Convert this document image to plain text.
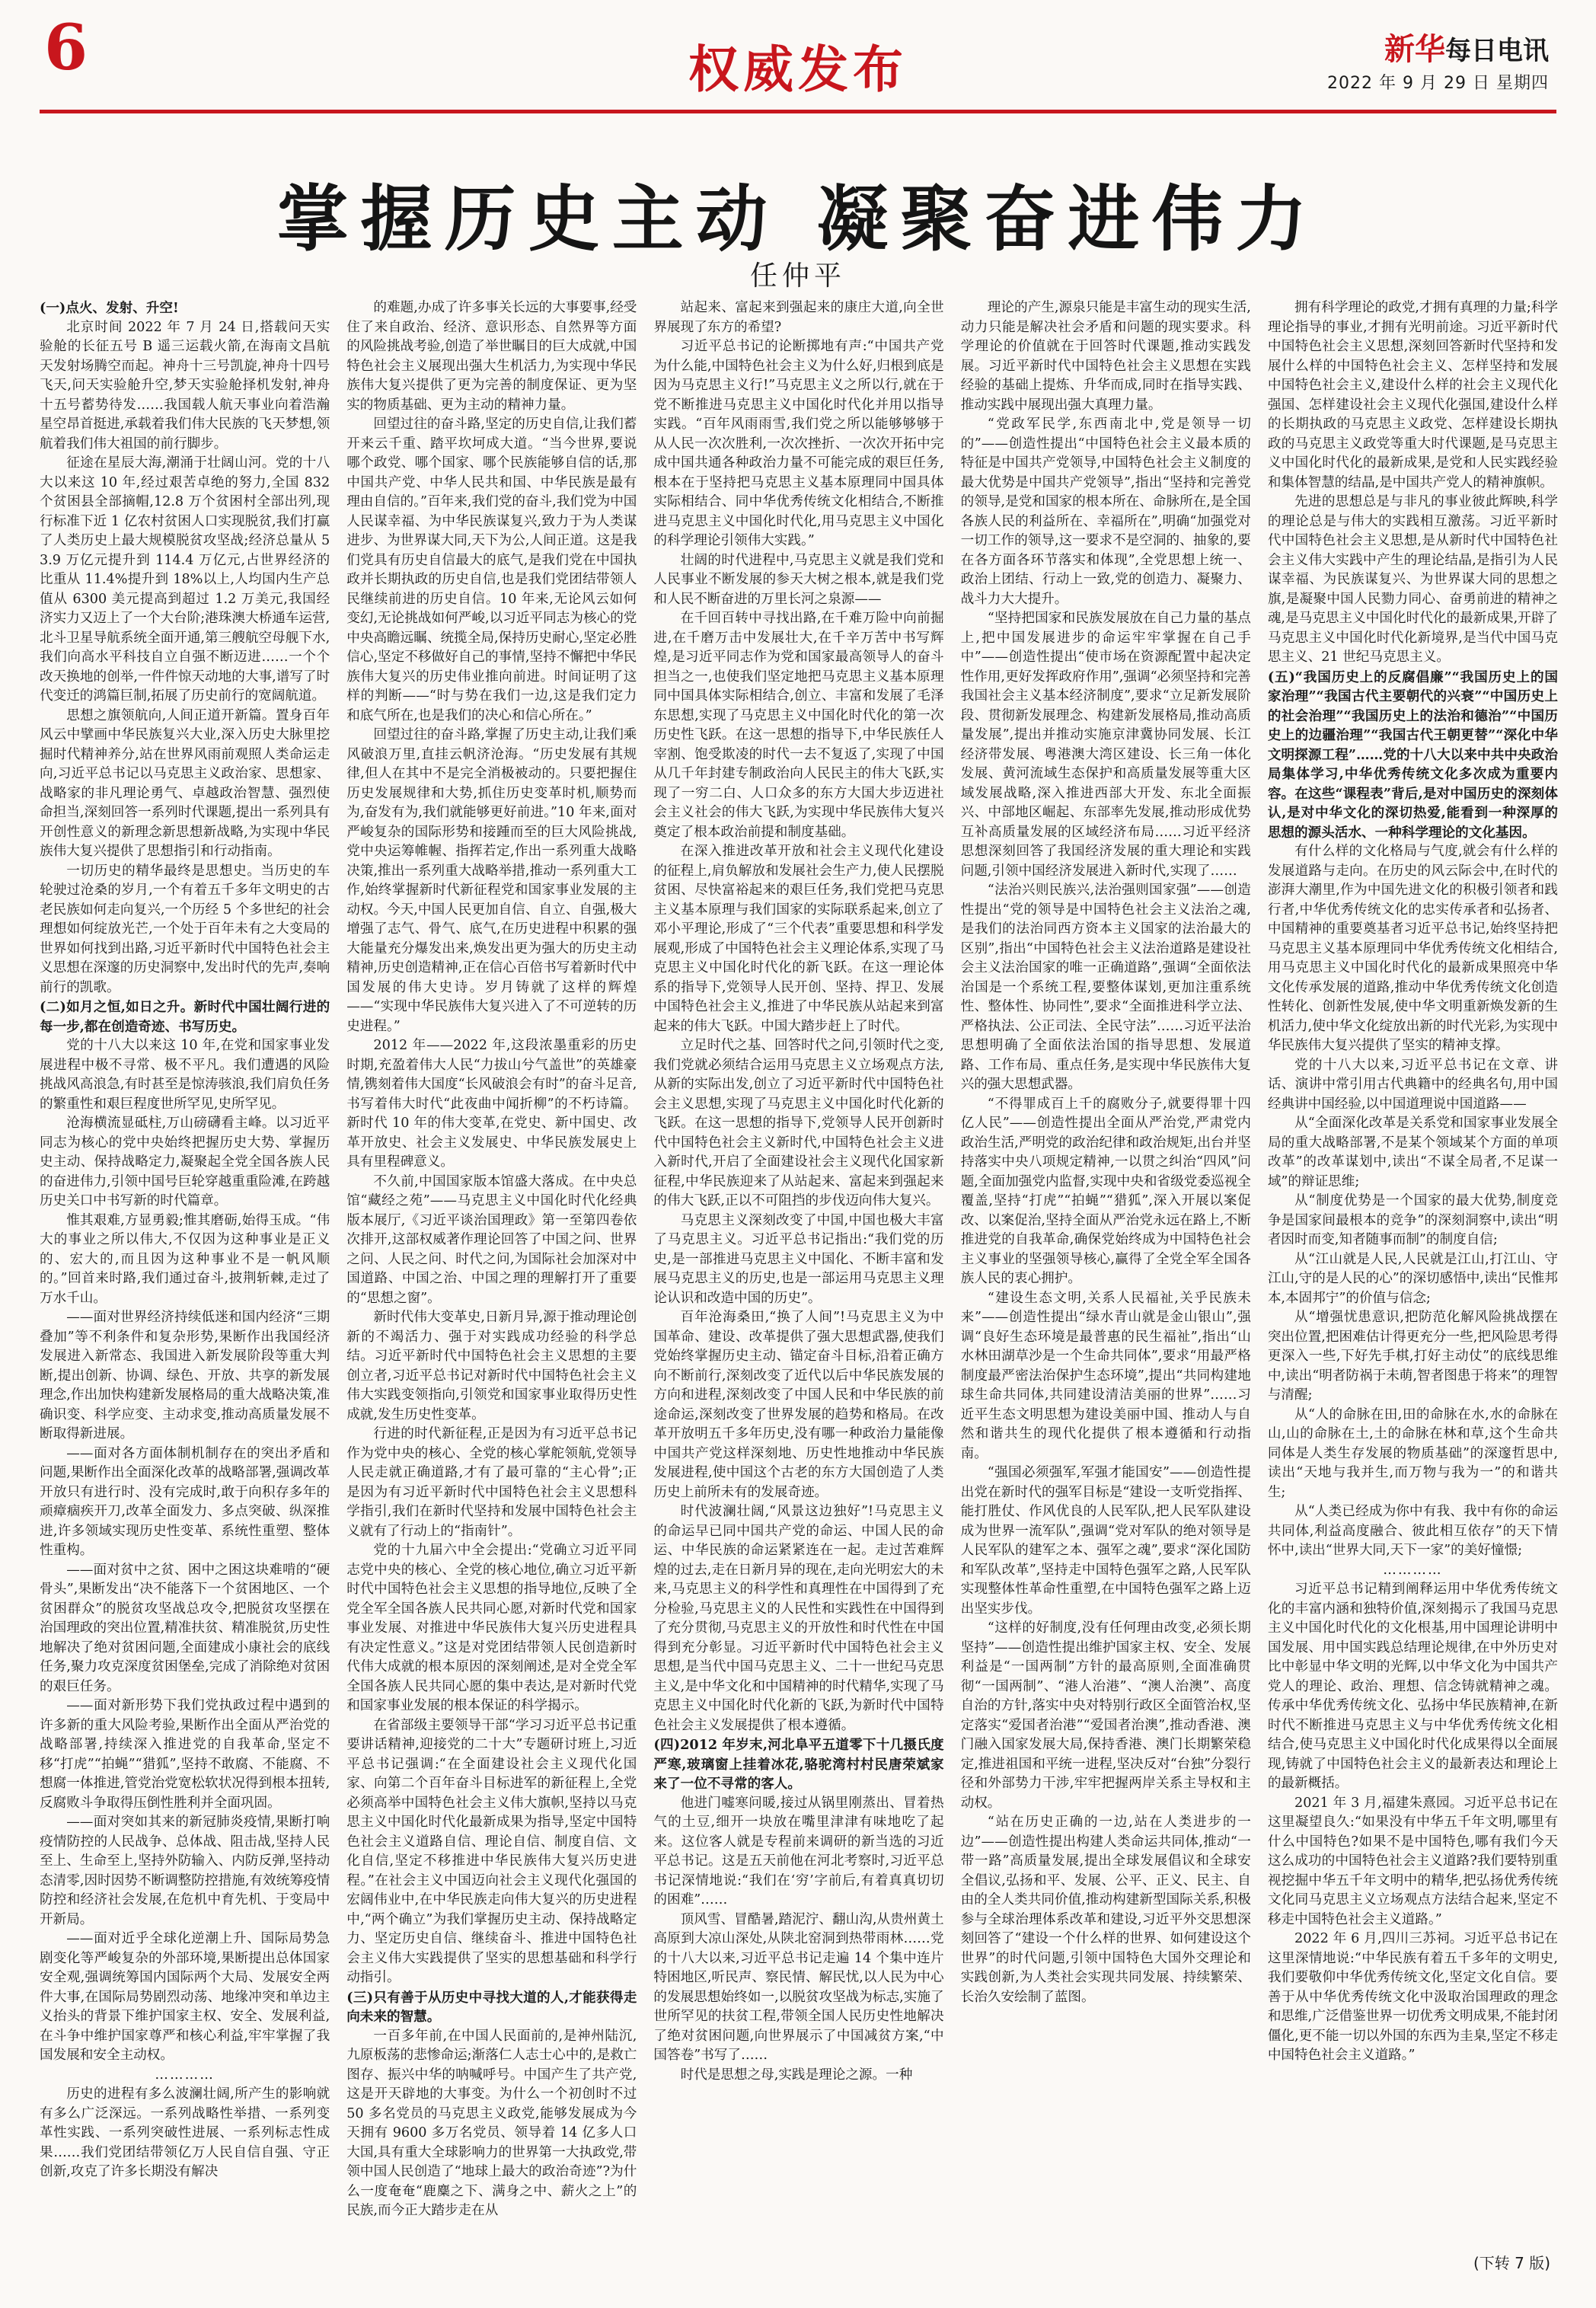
6	权威发布	新华每日电讯
2022 年 9 月 29 日 星期四
掌握历史主动 凝聚奋进伟力
任仲平

(一)点火、发射、升空!

北京时间 2022 年 7 月 24 日,搭载问天实验舱的长征五号 B 遥三运载火箭,在海南文昌航天发射场腾空而起。神舟十三号凯旋,神舟十四号飞天,问天实验舱升空,梦天实验舱择机发射,神舟十五号蓄势待发……我国载人航天事业向着浩瀚星空昂首挺进,承载着我们伟大民族的飞天梦想,领航着我们伟大祖国的前行脚步。

征途在星辰大海,潮涌于壮阔山河。党的十八大以来这 10 年,经过艰苦卓绝的努力,全国 832 个贫困县全部摘帽,12.8 万个贫困村全部出列,现行标准下近 1 亿农村贫困人口实现脱贫,我们打赢了人类历史上最大规模脱贫攻坚战;经济总量从 53.9 万亿元提升到 114.4 万亿元,占世界经济的比重从 11.4%提升到 18%以上,人均国内生产总值从 6300 美元提高到超过 1.2 万美元,我国经济实力又迈上了一个大台阶;港珠澳大桥通车运营,北斗卫星导航系统全面开通,第三艘航空母舰下水,我们向高水平科技自立自强不断迈进……一个个改天换地的创举,一件件惊天动地的大事,谱写了时代变迁的鸿篇巨制,拓展了历史前行的宽阔航道。

思想之旗领航向,人间正道开新篇。置身百年风云中擘画中华民族复兴大业,深入历史大脉里挖掘时代精神养分,站在世界风雨前观照人类命运走向,习近平总书记以马克思主义政治家、思想家、战略家的非凡理论勇气、卓越政治智慧、强烈使命担当,深刻回答一系列时代课题,提出一系列具有开创性意义的新理念新思想新战略,为实现中华民族伟大复兴提供了思想指引和行动指南。

一切历史的精华最终是思想史。当历史的车轮驶过沧桑的岁月,一个有着五千多年文明史的古老民族如何走向复兴,一个历经 5 个多世纪的社会理想如何绽放光芒,一个处于百年未有之大变局的世界如何找到出路,习近平新时代中国特色社会主义思想在深邃的历史洞察中,发出时代的先声,奏响前行的凯歌。

(二)如月之恒,如日之升。新时代中国壮阔行进的每一步,都在创造奇迹、书写历史。

党的十八大以来这 10 年,在党和国家事业发展进程中极不寻常、极不平凡。我们遭遇的风险挑战风高浪急,有时甚至是惊涛骇浪,我们肩负任务的繁重性和艰巨程度世所罕见,史所罕见。

沧海横流显砥柱,万山磅礴看主峰。以习近平同志为核心的党中央始终把握历史大势、掌握历史主动、保持战略定力,凝聚起全党全国各族人民的奋进伟力,引领中国号巨轮穿越重重险滩,在跨越历史关口中书写新的时代篇章。

惟其艰难,方显勇毅;惟其磨砺,始得玉成。“伟大的事业之所以伟大,不仅因为这种事业是正义的、宏大的,而且因为这种事业不是一帆风顺的。”回首来时路,我们通过奋斗,披荆斩棘,走过了万水千山。

——面对世界经济持续低迷和国内经济“三期叠加”等不利条件和复杂形势,果断作出我国经济发展进入新常态、我国进入新发展阶段等重大判断,提出创新、协调、绿色、开放、共享的新发展理念,作出加快构建新发展格局的重大战略决策,准确识变、科学应变、主动求变,推动高质量发展不断取得新进展。

——面对各方面体制机制存在的突出矛盾和问题,果断作出全面深化改革的战略部署,强调改革开放只有进行时、没有完成时,敢于向积存多年的顽瘴痼疾开刀,改革全面发力、多点突破、纵深推进,许多领域实现历史性变革、系统性重塑、整体性重构。

——面对贫中之贫、困中之困这块难啃的“硬骨头”,果断发出“决不能落下一个贫困地区、一个贫困群众”的脱贫攻坚战总攻令,把脱贫攻坚摆在治国理政的突出位置,精准扶贫、精准脱贫,历史性地解决了绝对贫困问题,全面建成小康社会的底线任务,聚力攻克深度贫困堡垒,完成了消除绝对贫困的艰巨任务。

——面对新形势下我们党执政过程中遇到的许多新的重大风险考验,果断作出全面从严治党的战略部署,持续深入推进党的自我革命,坚定不移“打虎”“拍蝇”“猎狐”,坚持不敢腐、不能腐、不想腐一体推进,管党治党宽松软状况得到根本扭转,反腐败斗争取得压倒性胜利并全面巩固。

——面对突如其来的新冠肺炎疫情,果断打响疫情防控的人民战争、总体战、阻击战,坚持人民至上、生命至上,坚持外防输入、内防反弹,坚持动态清零,因时因势不断调整防控措施,有效统筹疫情防控和经济社会发展,在危机中育先机、于变局中开新局。

——面对近乎全球化逆潮上升、国际局势急剧变化等严峻复杂的外部环境,果断提出总体国家安全观,强调统筹国内国际两个大局、发展安全两件大事,在国际局势剧烈动荡、地缘冲突和单边主义抬头的背景下维护国家主权、安全、发展利益,在斗争中维护国家尊严和核心利益,牢牢掌握了我国发展和安全主动权。

…………

历史的进程有多么波澜壮阔,所产生的影响就有多么广泛深远。一系列战略性举措、一系列变革性实践、一系列突破性进展、一系列标志性成果……我们党团结带领亿万人民自信自强、守正创新,攻克了许多长期没有解决

的难题,办成了许多事关长远的大事要事,经受住了来自政治、经济、意识形态、自然界等方面的风险挑战考验,创造了举世瞩目的巨大成就,中国特色社会主义展现出强大生机活力,为实现中华民族伟大复兴提供了更为完善的制度保证、更为坚实的物质基础、更为主动的精神力量。

回望过往的奋斗路,坚定的历史自信,让我们蓄开来云千重、踏平坎坷成大道。“当今世界,要说哪个政党、哪个国家、哪个民族能够自信的话,那中国共产党、中华人民共和国、中华民族是最有理由自信的。”百年来,我们党的奋斗,我们党为中国人民谋幸福、为中华民族谋复兴,致力于为人类谋进步、为世界谋大同,天下为公,人间正道。这是我们党具有历史自信最大的底气,是我们党在中国执政并长期执政的历史自信,也是我们党团结带领人民继续前进的历史自信。10 年来,无论风云如何变幻,无论挑战如何严峻,以习近平同志为核心的党中央高瞻远瞩、统揽全局,保持历史耐心,坚定必胜信心,坚定不移做好自己的事情,坚持不懈把中华民族伟大复兴的历史伟业推向前进。时间证明了这样的判断——“时与势在我们一边,这是我们定力和底气所在,也是我们的决心和信心所在。”

回望过往的奋斗路,掌握了历史主动,让我们乘风破浪万里,直挂云帆济沧海。“历史发展有其规律,但人在其中不是完全消极被动的。只要把握住历史发展规律和大势,抓住历史变革时机,顺势而为,奋发有为,我们就能够更好前进。”10 年来,面对严峻复杂的国际形势和接踵而至的巨大风险挑战,党中央运筹帷幄、指挥若定,作出一系列重大战略决策,推出一系列重大战略举措,推动一系列重大工作,始终掌握新时代新征程党和国家事业发展的主动权。今天,中国人民更加自信、自立、自强,极大增强了志气、骨气、底气,在历史进程中积累的强大能量充分爆发出来,焕发出更为强大的历史主动精神,历史创造精神,正在信心百倍书写着新时代中国发展的伟大史诗。岁月铸就了这样的辉煌——“实现中华民族伟大复兴进入了不可逆转的历史进程。”

2012 年——2022 年,这段浓墨重彩的历史时期,充盈着伟大人民“力拔山兮气盖世”的英雄豪情,镌刻着伟大国度“长风破浪会有时”的奋斗足音,书写着伟大时代“此夜曲中闻折柳”的不朽诗篇。新时代 10 年的伟大变革,在党史、新中国史、改革开放史、社会主义发展史、中华民族发展史上具有里程碑意义。

不久前,中国国家版本馆盛大落成。在中央总馆“藏经之苑”——马克思主义中国化时代化经典版本展厅,《习近平谈治国理政》第一至第四卷依次排开,这部权威著作理论回答了中国之问、世界之问、人民之问、时代之问,为国际社会加深对中国道路、中国之治、中国之理的理解打开了重要的“思想之窗”。

新时代伟大变革史,日新月异,源于推动理论创新的不竭活力、强于对实践成功经验的科学总结。习近平新时代中国特色社会主义思想的主要创立者,习近平总书记对新时代中国特色社会主义伟大实践变领指向,引领党和国家事业取得历史性成就,发生历史性变革。

行进的时代新征程,正是因为有习近平总书记作为党中央的核心、全党的核心掌舵领航,党领导人民走就正确道路,才有了最可靠的“主心骨”;正是因为有习近平新时代中国特色社会主义思想科学指引,我们在新时代坚持和发展中国特色社会主义就有了行动上的“指南针”。

党的十九届六中全会提出:“党确立习近平同志党中央的核心、全党的核心地位,确立习近平新时代中国特色社会主义思想的指导地位,反映了全党全军全国各族人民共同心愿,对新时代党和国家事业发展、对推进中华民族伟大复兴历史进程具有决定性意义。”这是对党团结带领人民创造新时代伟大成就的根本原因的深刻阐述,是对全党全军全国各族人民共同心愿的集中表达,是对新时代党和国家事业发展的根本保证的科学揭示。

在省部级主要领导干部“学习习近平总书记重要讲话精神,迎接党的二十大”专题研讨班上,习近平总书记强调:“在全面建设社会主义现代化国家、向第二个百年奋斗目标进军的新征程上,全党必须高举中国特色社会主义伟大旗帜,坚持以马克思主义中国化时代化最新成果为指导,坚定中国特色社会主义道路自信、理论自信、制度自信、文化自信,坚定不移推进中华民族伟大复兴历史进程。”在社会主义中国迈向社会主义现代化强国的宏阔伟业中,在中华民族走向伟大复兴的历史进程中,“两个确立”为我们掌握历史主动、保持战略定力、坚定历史自信、继续奋斗、推进中国特色社会主义伟大实践提供了坚实的思想基础和科学行动指引。

(三)只有善于从历史中寻找大道的人,才能获得走向未来的智慧。

一百多年前,在中国人民面前的,是神州陆沉,九原板荡的悲惨命运;渐落仁人志士心中的,是救亡图存、振兴中华的呐喊呼号。中国产生了共产党,这是开天辟地的大事变。为什么一个初创时不过 50 多名党员的马克思主义政党,能够发展成为今天拥有 9600 多万名党员、领导着 14 亿多人口大国,具有重大全球影响力的世界第一大执政党,带领中国人民创造了“地球上最大的政治奇迹”?为什么一度奄奄“鹿麋之下、满身之中、薪火之上”的民族,而今正大踏步走在从

站起来、富起来到强起来的康庄大道,向全世界展现了东方的希望?

习近平总书记的论断掷地有声:“中国共产党为什么能,中国特色社会主义为什么好,归根到底是因为马克思主义行!”马克思主义之所以行,就在于党不断推进马克思主义中国化时代化并用以指导实践。“百年风雨雨雪,我们党之所以能够够够于从人民一次次胜利,一次次挫折、一次次开拓中完成中国共通各种政治力量不可能完成的艰巨任务,根本在于坚持把马克思主义基本原理同中国具体实际相结合、同中华优秀传统文化相结合,不断推进马克思主义中国化时代化,用马克思主义中国化的科学理论引领伟大实践。”

壮阔的时代进程中,马克思主义就是我们党和人民事业不断发展的参天大树之根本,就是我们党和人民不断奋进的万里长河之泉源——

在千回百转中寻找出路,在千难万险中向前掘进,在千磨万击中发展壮大,在千辛万苦中书写辉煌,是习近平同志作为党和国家最高领导人的奋斗担当之一,也使我们坚定地把马克思主义基本原理同中国具体实际相结合,创立、丰富和发展了毛泽东思想,实现了马克思主义中国化时代化的第一次历史性飞跃。在这一思想的指导下,中华民族任人宰割、饱受欺凌的时代一去不复返了,实现了中国从几千年封建专制政治向人民民主的伟大飞跃,实现了一穷二白、人口众多的东方大国大步迈进社会主义社会的伟大飞跃,为实现中华民族伟大复兴奠定了根本政治前提和制度基础。

在深入推进改革开放和社会主义现代化建设的征程上,肩负解放和发展社会生产力,使人民摆脱贫困、尽快富裕起来的艰巨任务,我们党把马克思主义基本原理与我们国家的实际联系起来,创立了邓小平理论,形成了“三个代表”重要思想和科学发展观,形成了中国特色社会主义理论体系,实现了马克思主义中国化时代化的新飞跃。在这一理论体系的指导下,党领导人民开创、坚持、捍卫、发展中国特色社会主义,推进了中华民族从站起来到富起来的伟大飞跃。中国大踏步赶上了时代。

立足时代之基、回答时代之问,引领时代之变,我们党就必须结合运用马克思主义立场观点方法,从新的实际出发,创立了习近平新时代中国特色社会主义思想,实现了马克思主义中国化时代化新的飞跃。在这一思想的指导下,党领导人民开创新时代中国特色社会主义新时代,中国特色社会主义进入新时代,开启了全面建设社会主义现代化国家新征程,中华民族迎来了从站起来、富起来到强起来的伟大飞跃,正以不可阻挡的步伐迈向伟大复兴。

马克思主义深刻改变了中国,中国也极大丰富了马克思主义。习近平总书记指出:“我们党的历史,是一部推进马克思主义中国化、不断丰富和发展马克思主义的历史,也是一部运用马克思主义理论认识和改造中国的历史”。

百年沧海桑田,“换了人间”!马克思主义为中国革命、建设、改革提供了强大思想武器,使我们党始终掌握历史主动、锚定奋斗目标,沿着正确方向不断前行,深刻改变了近代以后中华民族发展的方向和进程,深刻改变了中国人民和中华民族的前途命运,深刻改变了世界发展的趋势和格局。在改革开放明五千多年历史,没有哪一种政治力量能像中国共产党这样深刻地、历史性地推动中华民族发展进程,使中国这个古老的东方大国创造了人类历史上前所未有的发展奇迹。

时代波澜壮阔,“风景这边独好”!马克思主义的命运早已同中国共产党的命运、中国人民的命运、中华民族的命运紧紧连在一起。走过苦难辉煌的过去,走在日新月异的现在,走向光明宏大的未来,马克思主义的科学性和真理性在中国得到了充分检验,马克思主义的人民性和实践性在中国得到了充分贯彻,马克思主义的开放性和时代性在中国得到充分彰显。习近平新时代中国特色社会主义思想,是当代中国马克思主义、二十一世纪马克思主义,是中华文化和中国精神的时代精华,实现了马克思主义中国化时代化新的飞跃,为新时代中国特色社会主义发展提供了根本遵循。

(四)2012 年岁末,河北阜平五道零下十几摄氏度严寒,玻璃窗上挂着冰花,骆驼湾村村民唐荣斌家来了一位不寻常的客人。

他进门嘘寒问暖,接过从锅里刚蒸出、冒着热气的土豆,细开一块放在嘴里津津有味地吃了起来。这位客人就是专程前来调研的新当选的习近平总书记。这是五天前他在河北考察时,习近平总书记深情地说:“我们在‘穷’字前后,有着真真切切的困难”……

顶风雪、冒酷暑,踏泥泞、翻山沟,从贵州黄土高原到大凉山深处,从陕北窑洞到热带雨林……党的十八大以来,习近平总书记走遍 14 个集中连片特困地区,听民声、察民情、解民忧,以人民为中心的发展思想始终如一,以脱贫攻坚战为标志,实施了世所罕见的扶贫工程,带领全国人民历史性地解决了绝对贫困问题,向世界展示了中国减贫方案,“中国答卷”书写了……

时代是思想之母,实践是理论之源。一种

理论的产生,源泉只能是丰富生动的现实生活,动力只能是解决社会矛盾和问题的现实要求。科学理论的价值就在于回答时代课题,推动实践发展。习近平新时代中国特色社会主义思想在实践经验的基础上提炼、升华而成,同时在指导实践、推动实践中展现出强大真理力量。

“党政军民学,东西南北中,党是领导一切的”——创造性提出“中国特色社会主义最本质的特征是中国共产党领导,中国特色社会主义制度的最大优势是中国共产党领导”,指出“坚持和完善党的领导,是党和国家的根本所在、命脉所在,是全国各族人民的利益所在、幸福所在”,明确“加强党对一切工作的领导,这一要求不是空洞的、抽象的,要在各方面各环节落实和体现”,全党思想上统一、政治上团结、行动上一致,党的创造力、凝聚力、战斗力大大提升。

“坚持把国家和民族发展放在自己力量的基点上,把中国发展进步的命运牢牢掌握在自己手中”——创造性提出“使市场在资源配置中起决定性作用,更好发挥政府作用”,强调“必须坚持和完善我国社会主义基本经济制度”,要求“立足新发展阶段、贯彻新发展理念、构建新发展格局,推动高质量发展”,提出并推动实施京津冀协同发展、长江经济带发展、粤港澳大湾区建设、长三角一体化发展、黄河流域生态保护和高质量发展等重大区域发展战略,深入推进西部大开发、东北全面振兴、中部地区崛起、东部率先发展,推动形成优势互补高质量发展的区域经济布局……习近平经济思想深刻回答了我国经济发展的重大理论和实践问题,引领中国经济发展进入新时代,实现了……

“法治兴则民族兴,法治强则国家强”——创造性提出“党的领导是中国特色社会主义法治之魂,是我们的法治同西方资本主义国家的法治最大的区别”,指出“中国特色社会主义法治道路是建设社会主义法治国家的唯一正确道路”,强调“全面依法治国是一个系统工程,要整体谋划,更加注重系统性、整体性、协同性”,要求“全面推进科学立法、严格执法、公正司法、全民守法”……习近平法治思想明确了全面依法治国的指导思想、发展道路、工作布局、重点任务,是实现中华民族伟大复兴的强大思想武器。

“不得罪成百上千的腐败分子,就要得罪十四亿人民”——创造性提出全面从严治党,严肃党内政治生活,严明党的政治纪律和政治规矩,出台并坚持落实中央八项规定精神,一以贯之纠治“四风”问题,全面加强党内监督,实现中央和省级党委巡视全覆盖,坚持“打虎”“拍蝇”“猎狐”,深入开展以案促改、以案促治,坚持全面从严治党永远在路上,不断推进党的自我革命,确保党始终成为中国特色社会主义事业的坚强领导核心,赢得了全党全军全国各族人民的衷心拥护。

“建设生态文明,关系人民福祉,关乎民族未来”——创造性提出“绿水青山就是金山银山”,强调“良好生态环境是最普惠的民生福祉”,指出“山水林田湖草沙是一个生命共同体”,要求“用最严格制度最严密法治保护生态环境”,提出“共同构建地球生命共同体,共同建设清洁美丽的世界”……习近平生态文明思想为建设美丽中国、推动人与自然和谐共生的现代化提供了根本遵循和行动指南。

“强国必须强军,军强才能国安”——创造性提出党在新时代的强军目标是“建设一支听党指挥、能打胜仗、作风优良的人民军队,把人民军队建设成为世界一流军队”,强调“党对军队的绝对领导是人民军队的建军之本、强军之魂”,要求“深化国防和军队改革”,坚持走中国特色强军之路,人民军队实现整体性革命性重塑,在中国特色强军之路上迈出坚实步伐。

“这样的好制度,没有任何理由改变,必须长期坚持”——创造性提出维护国家主权、安全、发展利益是“一国两制”方针的最高原则,全面准确贯彻“一国两制”、“港人治港”、“澳人治澳”、高度自治的方针,落实中央对特别行政区全面管治权,坚定落实“爱国者治港”“爱国者治澳”,推动香港、澳门融入国家发展大局,保持香港、澳门长期繁荣稳定,推进祖国和平统一进程,坚决反对“台独”分裂行径和外部势力干涉,牢牢把握两岸关系主导权和主动权。

“站在历史正确的一边,站在人类进步的一边”——创造性提出构建人类命运共同体,推动“一带一路”高质量发展,提出全球发展倡议和全球安全倡议,弘扬和平、发展、公平、正义、民主、自由的全人类共同价值,推动构建新型国际关系,积极参与全球治理体系改革和建设,习近平外交思想深刻回答了“建设一个什么样的世界、如何建设这个世界”的时代问题,引领中国特色大国外交理论和实践创新,为人类社会实现共同发展、持续繁荣、长治久安绘制了蓝图。

拥有科学理论的政党,才拥有真理的力量;科学理论指导的事业,才拥有光明前途。习近平新时代中国特色社会主义思想,深刻回答新时代坚持和发展什么样的中国特色社会主义、怎样坚持和发展中国特色社会主义,建设什么样的社会主义现代化强国、怎样建设社会主义现代化强国,建设什么样的长期执政的马克思主义政党、怎样建设长期执政的马克思主义政党等重大时代课题,是马克思主义中国化时代化的最新成果,是党和人民实践经验和集体智慧的结晶,是中国共产党人的精神旗帜。

先进的思想总是与非凡的事业彼此辉映,科学的理论总是与伟大的实践相互激荡。习近平新时代中国特色社会主义思想,是从新时代中国特色社会主义伟大实践中产生的理论结晶,是指引为人民谋幸福、为民族谋复兴、为世界谋大同的思想之旗,是凝聚中国人民勠力同心、奋勇前进的精神之魂,是马克思主义中国化时代化的最新成果,开辟了马克思主义中国化时代化新境界,是当代中国马克思主义、21 世纪马克思主义。

(五)“我国历史上的反腐倡廉”“我国历史上的国家治理”“我国古代主要朝代的兴衰”“中国历史上的社会治理”“我国历史上的法治和德治”“中国历史上的边疆治理”“我国古代王朝更替”“深化中华文明探源工程”……党的十八大以来中共中央政治局集体学习,中华优秀传统文化多次成为重要内容。在这些“课程表”背后,是对中国历史的深刻体认,是对中华文化的深切热爱,能看到一种深厚的思想的源头活水、一种科学理论的文化基因。

有什么样的文化格局与气度,就会有什么样的发展道路与走向。在历史的风云际会中,在时代的澎湃大潮里,作为中国先进文化的积极引领者和践行者,中华优秀传统文化的忠实传承者和弘扬者、中国精神的重要奠基者习近平总书记,始终坚持把马克思主义基本原理同中华优秀传统文化相结合,用马克思主义中国化时代化的最新成果照亮中华文化传承发展的道路,推动中华优秀传统文化创造性转化、创新性发展,使中华文明重新焕发新的生机活力,使中华文化绽放出新的时代光彩,为实现中华民族伟大复兴提供了坚实的精神支撑。

党的十八大以来,习近平总书记在文章、讲话、演讲中常引用古代典籍中的经典名句,用中国经典讲中国经验,以中国道理说中国道路——

从“全面深化改革是关系党和国家事业发展全局的重大战略部署,不是某个领域某个方面的单项改革”的改革谋划中,读出“不谋全局者,不足谋一域”的辩证思维;

从“制度优势是一个国家的最大优势,制度竞争是国家间最根本的竞争”的深刻洞察中,读出“明者因时而变,知者随事而制”的制度自信;

从“江山就是人民,人民就是江山,打江山、守江山,守的是人民的心”的深切感悟中,读出“民惟邦本,本固邦宁”的价值与信念;

从“增强忧患意识,把防范化解风险挑战摆在突出位置,把困难估计得更充分一些,把风险思考得更深入一些,下好先手棋,打好主动仗”的底线思维中,读出“明者防祸于未萌,智者图患于将来”的理智与清醒;

从“人的命脉在田,田的命脉在水,水的命脉在山,山的命脉在土,土的命脉在林和草,这个生命共同体是人类生存发展的物质基础”的深邃哲思中,读出“天地与我并生,而万物与我为一”的和谐共生;

从“人类已经成为你中有我、我中有你的命运共同体,利益高度融合、彼此相互依存”的天下情怀中,读出“世界大同,天下一家”的美好憧憬;

…………

习近平总书记精到阐释运用中华优秀传统文化的丰富内涵和独特价值,深刻揭示了我国马克思主义中国化时代化的文化根基,用中国理论讲明中国发展、用中国实践总结理论规律,在中外历史对比中彰显中华文明的光辉,以中华文化为中国共产党人的理论、政治、理想、信念铸就精神之魂。传承中华优秀传统文化、弘扬中华民族精神,在新时代不断推进马克思主义与中华优秀传统文化相结合,使马克思主义中国化时代化成果得以全面展现,铸就了中国特色社会主义的最新表达和理论上的最新概括。

2021 年 3 月,福建朱熹园。习近平总书记在这里凝望良久:“如果没有中华五千年文明,哪里有什么中国特色?如果不是中国特色,哪有我们今天这么成功的中国特色社会主义道路?我们要特别重视挖掘中华五千年文明中的精华,把弘扬优秀传统文化同马克思主义立场观点方法结合起来,坚定不移走中国特色社会主义道路。”

2022 年 6 月,四川三苏祠。习近平总书记在这里深情地说:“中华民族有着五千多年的文明史,我们要敬仰中华优秀传统文化,坚定文化自信。要善于从中华优秀传统文化中汲取治国理政的理念和思维,广泛借鉴世界一切优秀文明成果,不能封闭僵化,更不能一切以外国的东西为圭臬,坚定不移走中国特色社会主义道路。”

(下转 7 版)
